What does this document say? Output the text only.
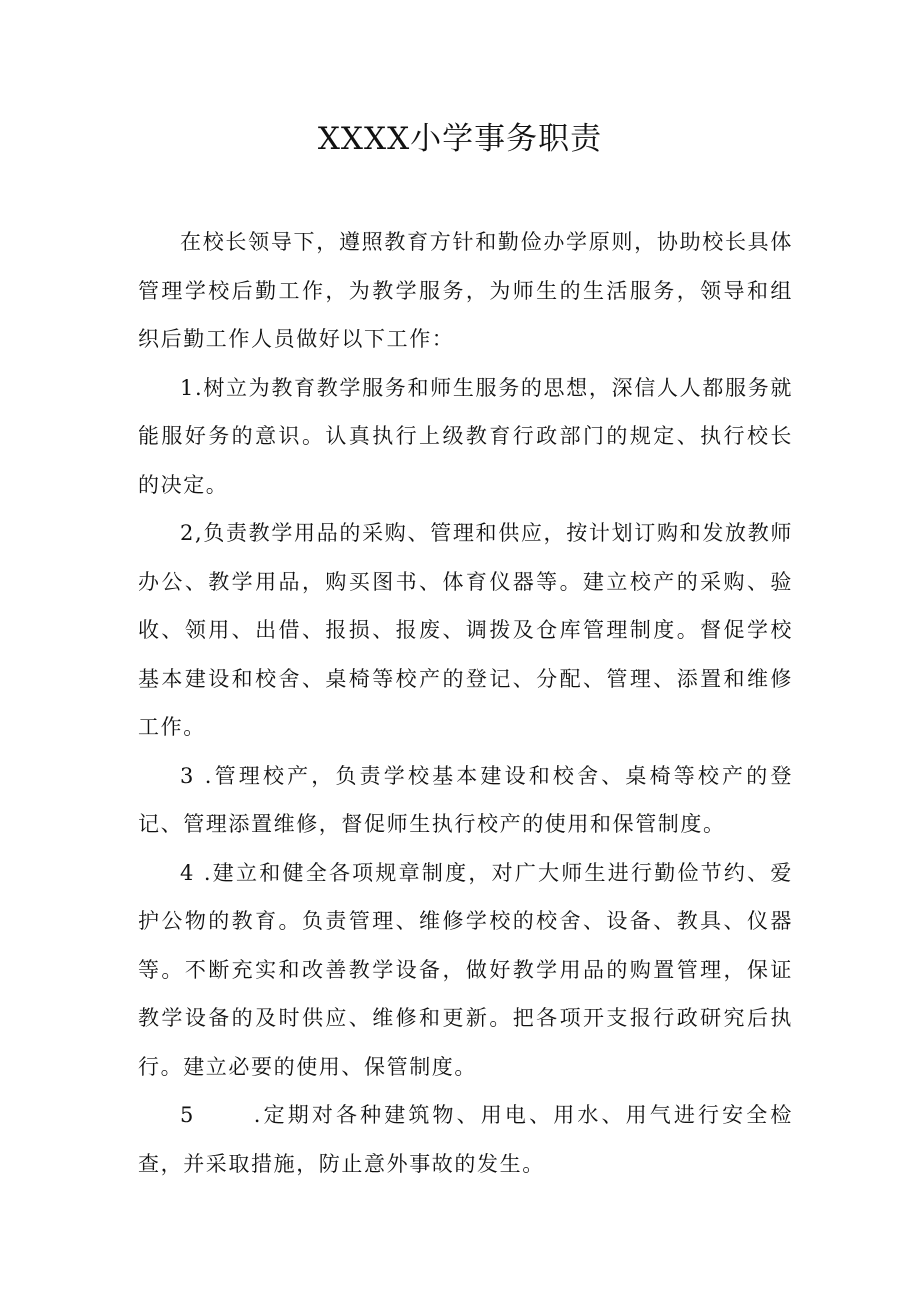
XXXX小学事务职责

在校长领导下，遵照教育方针和勤俭办学原则，协助校长具体管理学校后勤工作，为教学服务，为师生的生活服务，领导和组织后勤工作人员做好以下工作：

1.树立为教育教学服务和师生服务的思想，深信人人都服务就能服好务的意识。认真执行上级教育行政部门的规定、执行校长的决定。

2,负责教学用品的采购、管理和供应，按计划订购和发放教师办公、教学用品，购买图书、体育仪器等。建立校产的采购、验收、领用、出借、报损、报废、调拨及仓库管理制度。督促学校基本建设和校舍、桌椅等校产的登记、分配、管理、添置和维修工作。

3 .管理校产，负责学校基本建设和校舍、桌椅等校产的登记、管理添置维修，督促师生执行校产的使用和保管制度。

4 .建立和健全各项规章制度，对广大师生进行勤俭节约、爱护公物的教育。负责管理、维修学校的校舍、设备、教具、仪器等。不断充实和改善教学设备，做好教学用品的购置管理，保证教学设备的及时供应、维修和更新。把各项开支报行政研究后执行。建立必要的使用、保管制度。

5      .定期对各种建筑物、用电、用水、用气进行安全检查，并采取措施，防止意外事故的发生。
